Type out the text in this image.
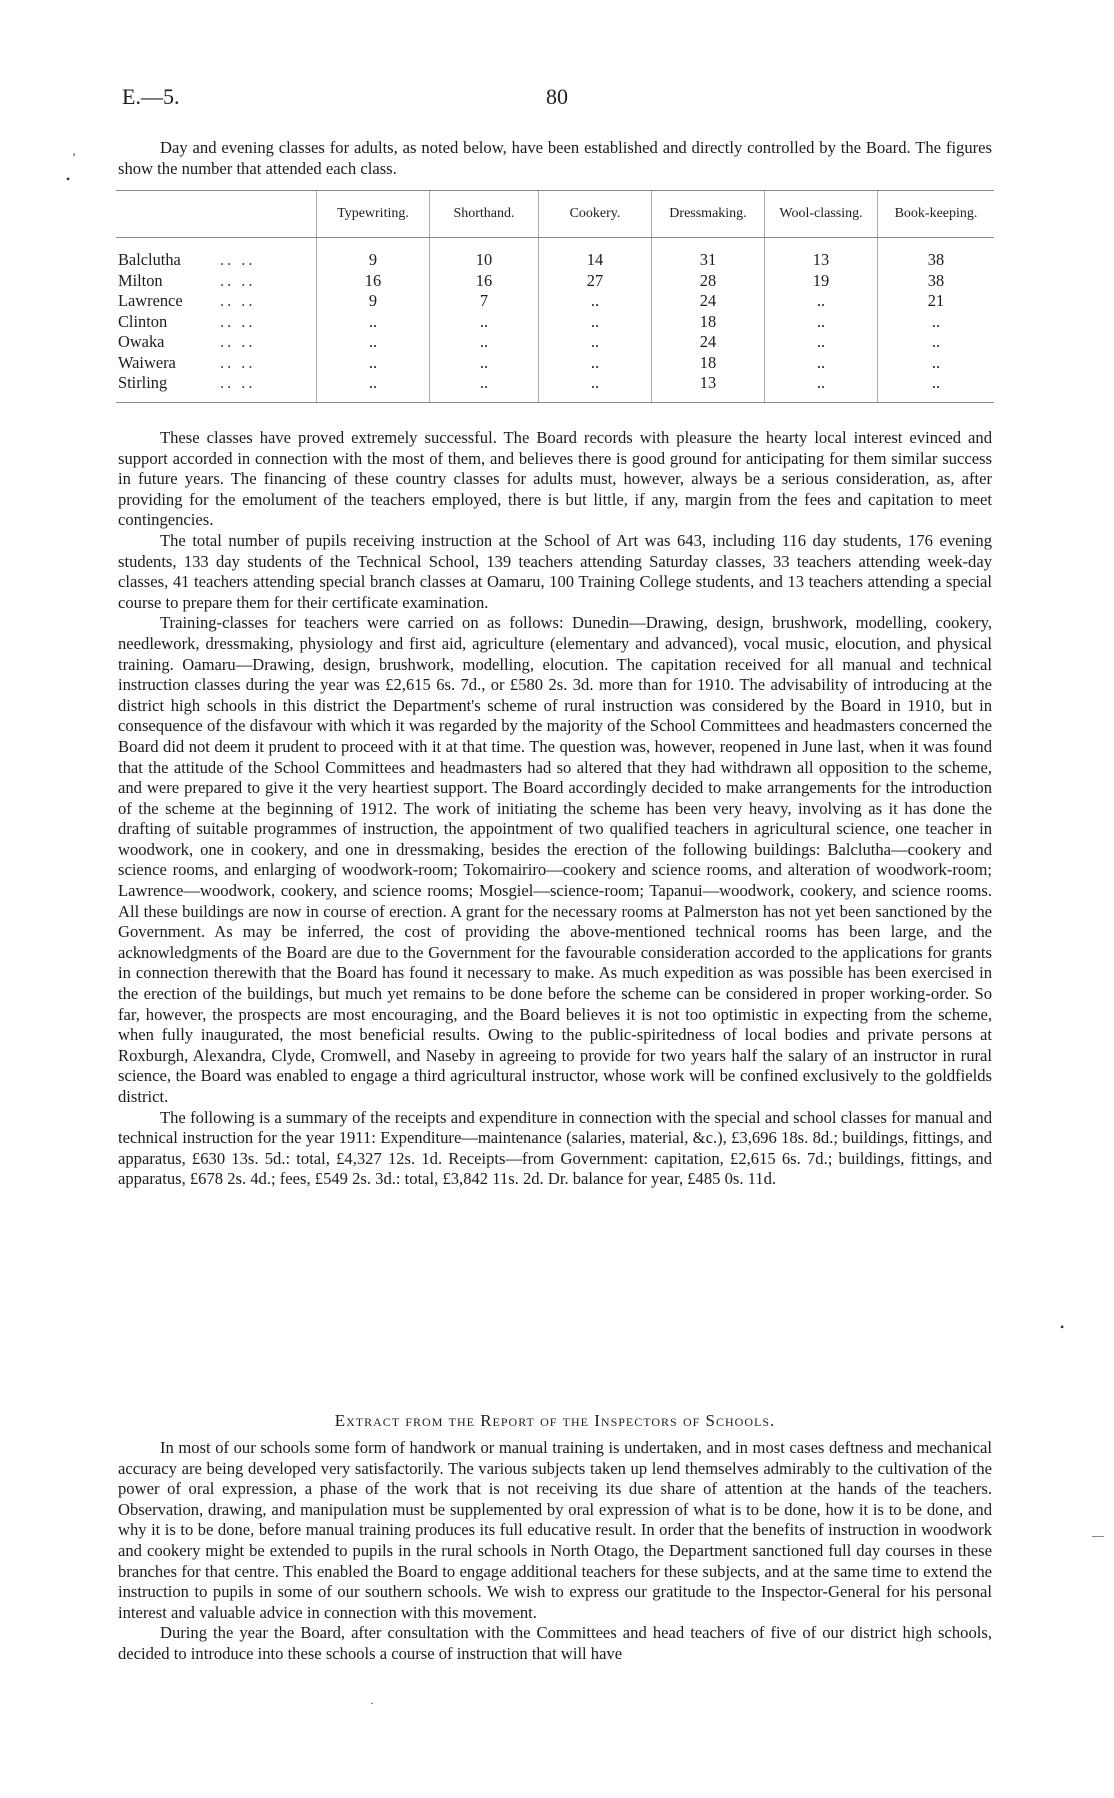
E.—5.	80
Day and evening classes for adults, as noted below, have been established and directly controlled by the Board. The figures show the number that attended each class.
		Typewriting.	Shorthand.	Cookery.	Dressmaking.	Wool-classing.	Book-keeping.
Balclutha	.. ..	9	10	14	31	13	38
Milton	.. ..	16	16	27	28	19	38
Lawrence	.. ..	9	7	..	24	..	21
Clinton	.. ..	..	..	..	18	..	..
Owaka	.. ..	..	..	..	24	..	..
Waiwera	.. ..	..	..	..	18	..	..
Stirling	.. ..	..	..	..	13	..	..

These classes have proved extremely successful. The Board records with pleasure the hearty local interest evinced and support accorded in connection with the most of them, and believes there is good ground for anticipating for them similar success in future years. The financing of these country classes for adults must, however, always be a serious consideration, as, after providing for the emolument of the teachers employed, there is but little, if any, margin from the fees and capitation to meet contingencies.

The total number of pupils receiving instruction at the School of Art was 643, including 116 day students, 176 evening students, 133 day students of the Technical School, 139 teachers attending Saturday classes, 33 teachers attending week-day classes, 41 teachers attending special branch classes at Oamaru, 100 Training College students, and 13 teachers attending a special course to prepare them for their certificate examination.

Training-classes for teachers were carried on as follows: Dunedin—Drawing, design, brushwork, modelling, cookery, needlework, dressmaking, physiology and first aid, agriculture (elementary and advanced), vocal music, elocution, and physical training. Oamaru—Drawing, design, brushwork, modelling, elocution. The capitation received for all manual and technical instruction classes during the year was £2,615 6s. 7d., or £580 2s. 3d. more than for 1910. The advisability of introducing at the district high schools in this district the Department's scheme of rural instruction was considered by the Board in 1910, but in consequence of the disfavour with which it was regarded by the majority of the School Committees and headmasters concerned the Board did not deem it prudent to proceed with it at that time. The question was, however, reopened in June last, when it was found that the attitude of the School Committees and headmasters had so altered that they had withdrawn all opposition to the scheme, and were prepared to give it the very heartiest support. The Board accordingly decided to make arrangements for the introduction of the scheme at the beginning of 1912. The work of initiating the scheme has been very heavy, involving as it has done the drafting of suitable programmes of instruction, the appointment of two qualified teachers in agricultural science, one teacher in woodwork, one in cookery, and one in dressmaking, besides the erection of the following buildings: Balclutha—cookery and science rooms, and enlarging of woodwork-room; Tokomairiro—cookery and science rooms, and alteration of woodwork-room; Lawrence—woodwork, cookery, and science rooms; Mosgiel—science-room; Tapanui—woodwork, cookery, and science rooms. All these buildings are now in course of erection. A grant for the necessary rooms at Palmerston has not yet been sanctioned by the Government. As may be inferred, the cost of providing the above-mentioned technical rooms has been large, and the acknowledgments of the Board are due to the Government for the favourable consideration accorded to the applications for grants in connection therewith that the Board has found it necessary to make. As much expedition as was possible has been exercised in the erection of the buildings, but much yet remains to be done before the scheme can be considered in proper working-order. So far, however, the prospects are most encouraging, and the Board believes it is not too optimistic in expecting from the scheme, when fully inaugurated, the most beneficial results. Owing to the public-spiritedness of local bodies and private persons at Roxburgh, Alexandra, Clyde, Cromwell, and Naseby in agreeing to provide for two years half the salary of an instructor in rural science, the Board was enabled to engage a third agricultural instructor, whose work will be confined exclusively to the goldfields district.

The following is a summary of the receipts and expenditure in connection with the special and school classes for manual and technical instruction for the year 1911: Expenditure—maintenance (salaries, material, &c.), £3,696 18s. 8d.; buildings, fittings, and apparatus, £630 13s. 5d.: total, £4,327 12s. 1d. Receipts—from Government: capitation, £2,615 6s. 7d.; buildings, fittings, and apparatus, £678 2s. 4d.; fees, £549 2s. 3d.: total, £3,842 11s. 2d. Dr. balance for year, £485 0s. 11d.

Extract from the Report of the Inspectors of Schools.

In most of our schools some form of handwork or manual training is undertaken, and in most cases deftness and mechanical accuracy are being developed very satisfactorily. The various subjects taken up lend themselves admirably to the cultivation of the power of oral expression, a phase of the work that is not receiving its due share of attention at the hands of the teachers. Observation, drawing, and manipulation must be supplemented by oral expression of what is to be done, how it is to be done, and why it is to be done, before manual training produces its full educative result. In order that the benefits of instruction in woodwork and cookery might be extended to pupils in the rural schools in North Otago, the Department sanctioned full day courses in these branches for that centre. This enabled the Board to engage additional teachers for these subjects, and at the same time to extend the instruction to pupils in some of our southern schools. We wish to express our gratitude to the Inspector-General for his personal interest and valuable advice in connection with this movement.

During the year the Board, after consultation with the Committees and head teachers of five of our district high schools, decided to introduce into these schools a course of instruction that will have

’
•
•
—
·
